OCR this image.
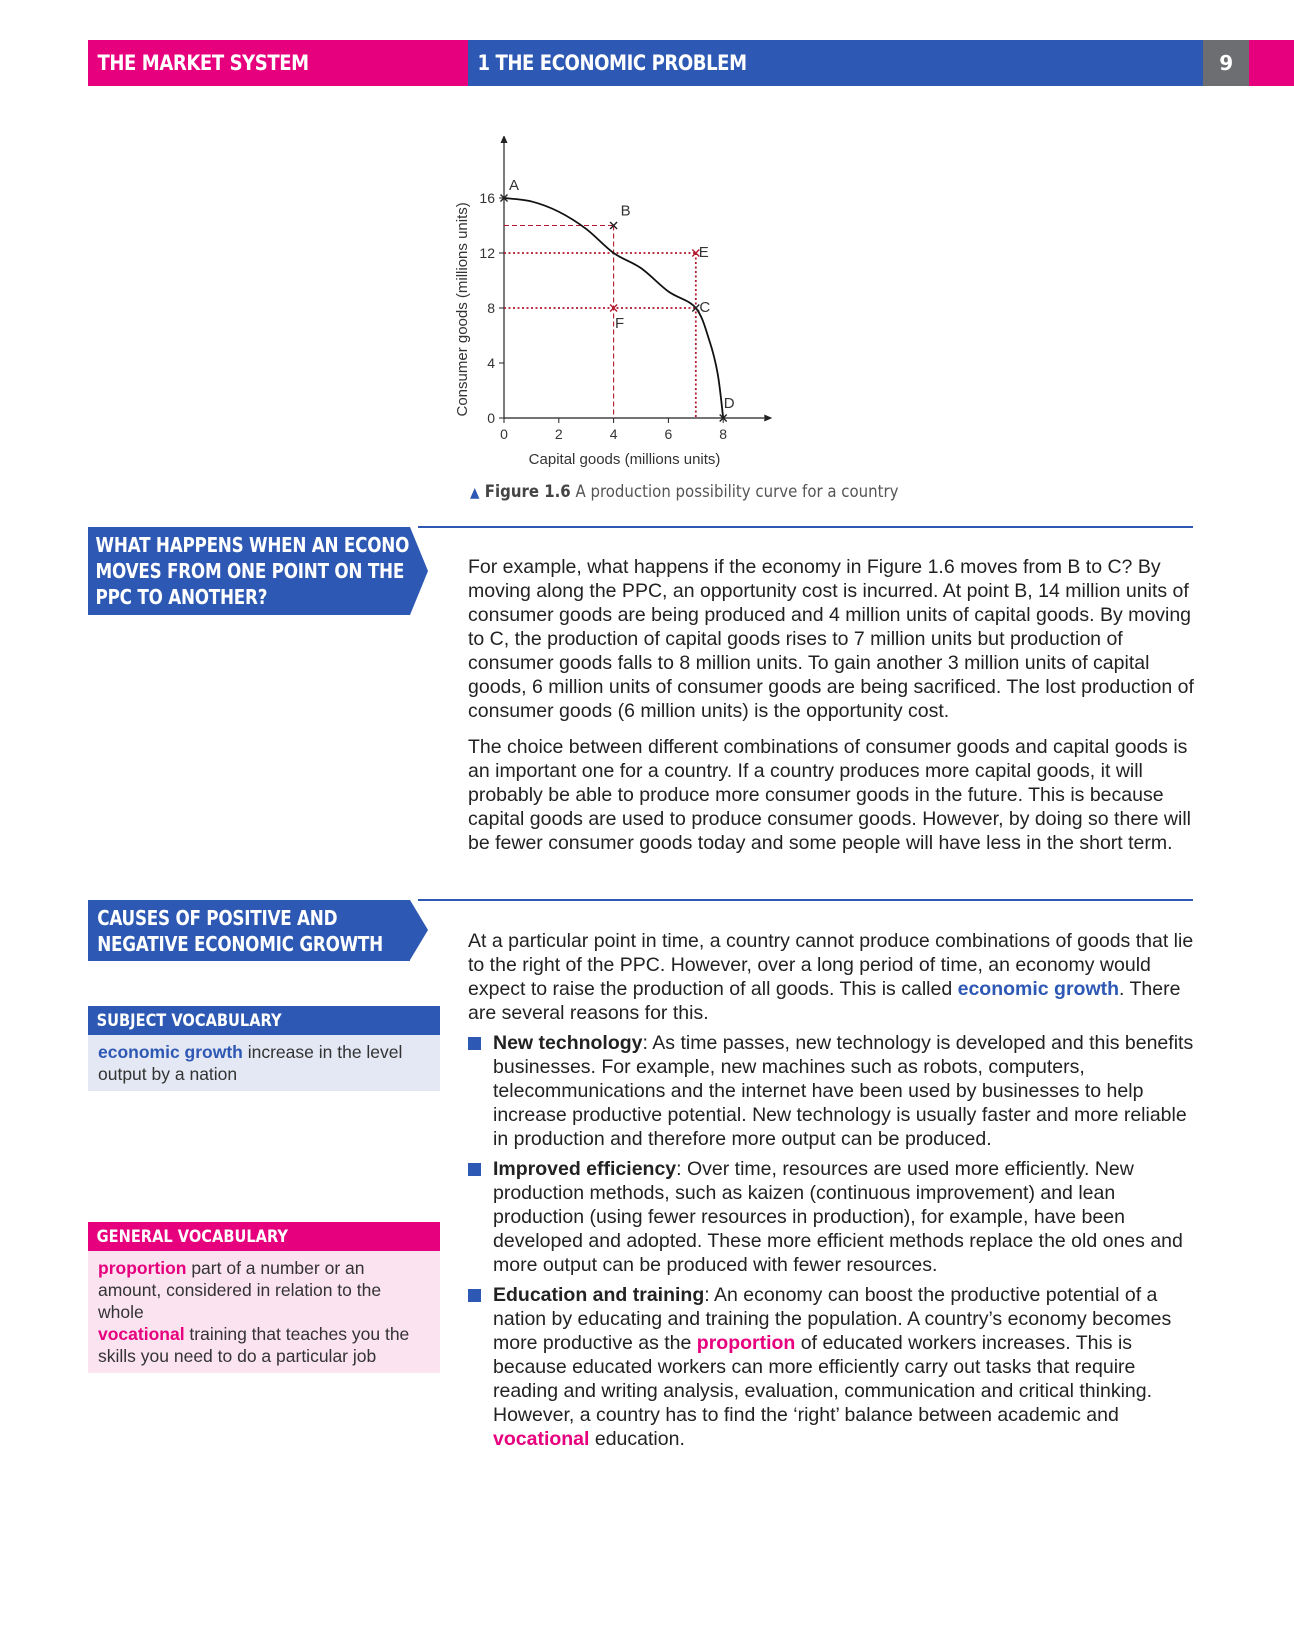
THE MARKET SYSTEM	1 THE ECONOMIC PROBLEM	9
0	2	4	6	8
0
4
8
12
16
Capital goods (millions units)
Consumer goods (millions units)
A
B
C
D
E
F
▲ Figure 1.6 A production possibility curve for a country
WHAT HAPPENS WHEN AN ECONOMY
MOVES FROM ONE POINT ON THE
PPC TO ANOTHER?

For example, what happens if the economy in Figure 1.6 moves from B to C? By moving along the PPC, an opportunity cost is incurred. At point B, 14 million units of consumer goods are being produced and 4 million units of capital goods. By moving to C, the production of capital goods rises to 7 million units but production of consumer goods falls to 8 million units. To gain another 3 million units of capital goods, 6 million units of consumer goods are being sacrificed. The lost production of consumer goods (6 million units) is the opportunity cost.

The choice between different combinations of consumer goods and capital goods is an important one for a country. If a country produces more capital goods, it will probably be able to produce more consumer goods in the future. This is because capital goods are used to produce consumer goods. However, by doing so there will be fewer consumer goods today and some people will have less in the short term.

CAUSES OF POSITIVE AND
NEGATIVE ECONOMIC GROWTH	At a particular point in time, a country cannot produce combinations of goods that lie to the right of the PPC. However, over a long period of time, an economy would expect to raise the production of all goods. This is called economic growth. There are several reasons for this.

New technology: As time passes, new technology is developed and this benefits businesses. For example, new machines such as robots, computers, telecommunications and the internet have been used by businesses to help increase productive potential. New technology is usually faster and more reliable in production and therefore more output can be produced.
Improved efficiency: Over time, resources are used more efficiently. New production methods, such as kaizen (continuous improvement) and lean production (using fewer resources in production), for example, have been developed and adopted. These more efficient methods replace the old ones and more output can be produced with fewer resources.
Education and training: An economy can boost the productive potential of a nation by educating and training the population. A country’s economy becomes more productive as the proportion of educated workers increases. This is because educated workers can more efficiently carry out tasks that require reading and writing analysis, evaluation, communication and critical thinking. However, a country has to find the ‘right’ balance between academic and vocational education.
SUBJECT VOCABULARY
economic growth increase in the level output by a nation
GENERAL VOCABULARY
proportion part of a number or an amount, considered in relation to the whole
vocational training that teaches you the skills you need to do a particular job
